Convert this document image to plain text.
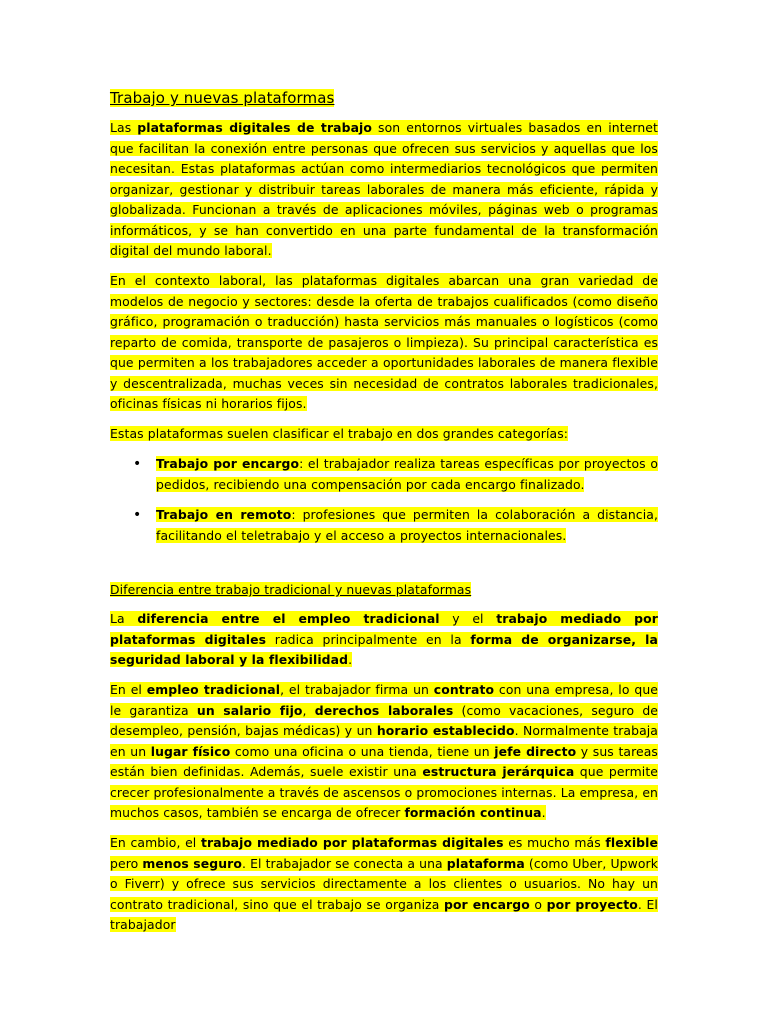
Trabajo y nuevas plataformas

Las plataformas digitales de trabajo son entornos virtuales basados en internet que facilitan la conexión entre personas que ofrecen sus servicios y aquellas que los necesitan. Estas plataformas actúan como intermediarios tecnológicos que permiten organizar, gestionar y distribuir tareas laborales de manera más eficiente, rápida y globalizada. Funcionan a través de aplicaciones móviles, páginas web o programas informáticos, y se han convertido en una parte fundamental de la transformación digital del mundo laboral.

En el contexto laboral, las plataformas digitales abarcan una gran variedad de modelos de negocio y sectores: desde la oferta de trabajos cualificados (como diseño gráfico, programación o traducción) hasta servicios más manuales o logísticos (como reparto de comida, transporte de pasajeros o limpieza). Su principal característica es que permiten a los trabajadores acceder a oportunidades laborales de manera flexible y descentralizada, muchas veces sin necesidad de contratos laborales tradicionales, oficinas físicas ni horarios fijos.

Estas plataformas suelen clasificar el trabajo en dos grandes categorías:

• Trabajo por encargo: el trabajador realiza tareas específicas por proyectos o pedidos, recibiendo una compensación por cada encargo finalizado.
• Trabajo en remoto: profesiones que permiten la colaboración a distancia, facilitando el teletrabajo y el acceso a proyectos internacionales.
Diferencia entre trabajo tradicional y nuevas plataformas

La diferencia entre el empleo tradicional y el trabajo mediado por plataformas digitales radica principalmente en la forma de organizarse, la seguridad laboral y la flexibilidad.

En el empleo tradicional, el trabajador firma un contrato con una empresa, lo que le garantiza un salario fijo, derechos laborales (como vacaciones, seguro de desempleo, pensión, bajas médicas) y un horario establecido. Normalmente trabaja en un lugar físico como una oficina o una tienda, tiene un jefe directo y sus tareas están bien definidas. Además, suele existir una estructura jerárquica que permite crecer profesionalmente a través de ascensos o promociones internas. La empresa, en muchos casos, también se encarga de ofrecer formación continua.

En cambio, el trabajo mediado por plataformas digitales es mucho más flexible pero menos seguro. El trabajador se conecta a una plataforma (como Uber, Upwork o Fiverr) y ofrece sus servicios directamente a los clientes o usuarios. No hay un contrato tradicional, sino que el trabajo se organiza por encargo o por proyecto. El trabajador
